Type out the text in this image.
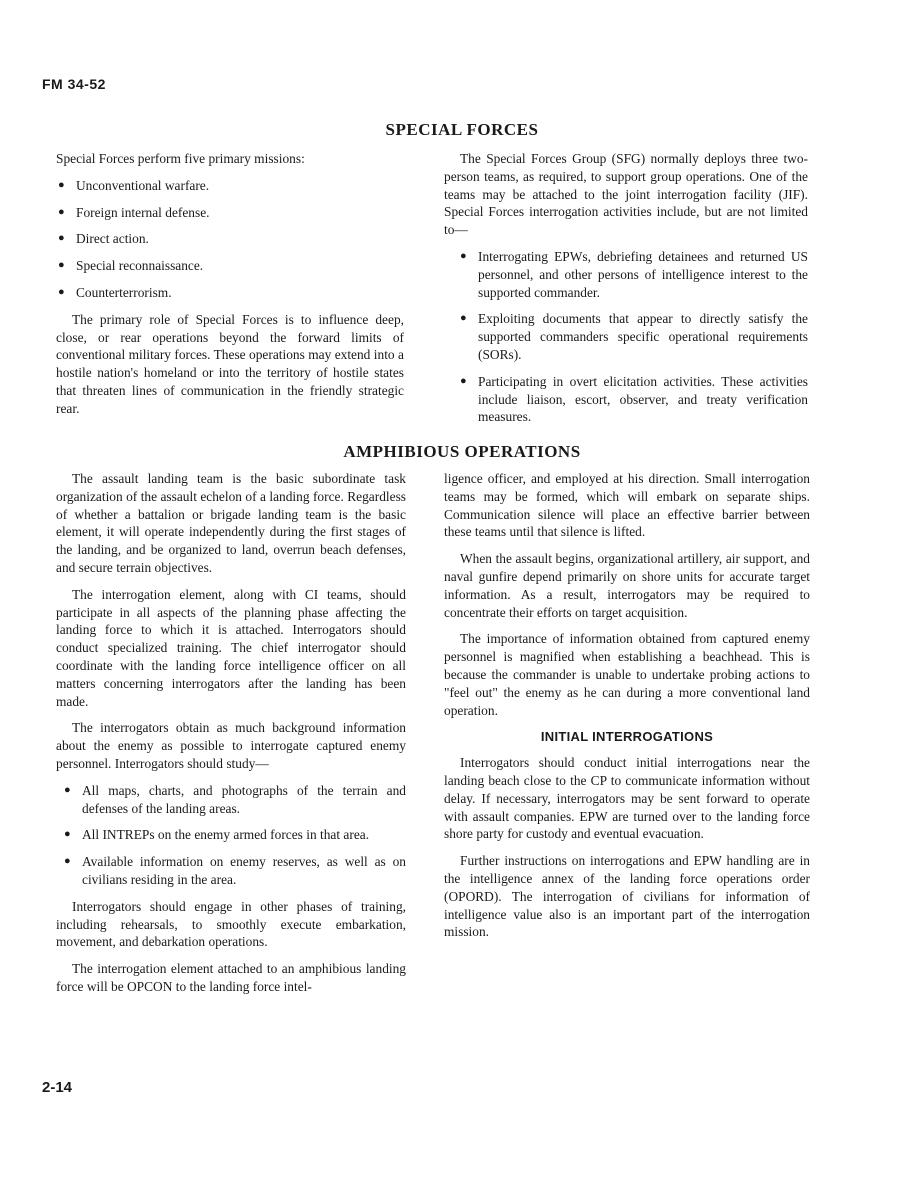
FM 34-52
SPECIAL FORCES

Special Forces perform five primary missions:

● Unconventional warfare.
● Foreign internal defense.
● Direct action.
● Special reconnaissance.
● Counterterrorism.

The primary role of Special Forces is to influence deep, close, or rear operations beyond the forward limits of conventional military forces. These operations may extend into a hostile nation's homeland or into the territory of hostile states that threaten lines of communication in the friendly strategic rear.

The Special Forces Group (SFG) normally deploys three two-person teams, as required, to support group operations. One of the teams may be attached to the joint interrogation facility (JIF). Special Forces interrogation activities include, but are not limited to—

● Interrogating EPWs, debriefing detainees and returned US personnel, and other persons of intelligence interest to the supported commander.
● Exploiting documents that appear to directly satisfy the supported commanders specific operational requirements (SORs).
● Participating in overt elicitation activities. These activities include liaison, escort, observer, and treaty verification measures.
AMPHIBIOUS OPERATIONS

The assault landing team is the basic subordinate task organization of the assault echelon of a landing force. Regardless of whether a battalion or brigade landing team is the basic element, it will operate independently during the first stages of the landing, and be organized to land, overrun beach defenses, and secure terrain objectives.

The interrogation element, along with CI teams, should participate in all aspects of the planning phase affecting the landing force to which it is attached. Interrogators should conduct specialized training. The chief interrogator should coordinate with the landing force intelligence officer on all matters concerning interrogators after the landing has been made.

The interrogators obtain as much background information about the enemy as possible to interrogate captured enemy personnel. Interrogators should study—

● All maps, charts, and photographs of the terrain and defenses of the landing areas.
● All INTREPs on the enemy armed forces in that area.
● Available information on enemy reserves, as well as on civilians residing in the area.

Interrogators should engage in other phases of training, including rehearsals, to smoothly execute embarkation, movement, and debarkation operations.

The interrogation element attached to an amphibious landing force will be OPCON to the landing force intel-

ligence officer, and employed at his direction. Small interrogation teams may be formed, which will embark on separate ships. Communication silence will place an effective barrier between these teams until that silence is lifted.

When the assault begins, organizational artillery, air support, and naval gunfire depend primarily on shore units for accurate target information. As a result, interrogators may be required to concentrate their efforts on target acquisition.

The importance of information obtained from captured enemy personnel is magnified when establishing a beachhead. This is because the commander is unable to undertake probing actions to "feel out" the enemy as he can during a more conventional land operation.

INITIAL INTERROGATIONS

Interrogators should conduct initial interrogations near the landing beach close to the CP to communicate information without delay. If necessary, interrogators may be sent forward to operate with assault companies. EPW are turned over to the landing force shore party for custody and eventual evacuation.

Further instructions on interrogations and EPW handling are in the intelligence annex of the landing force operations order (OPORD). The interrogation of civilians for information of intelligence value also is an important part of the interrogation mission.

2-14
